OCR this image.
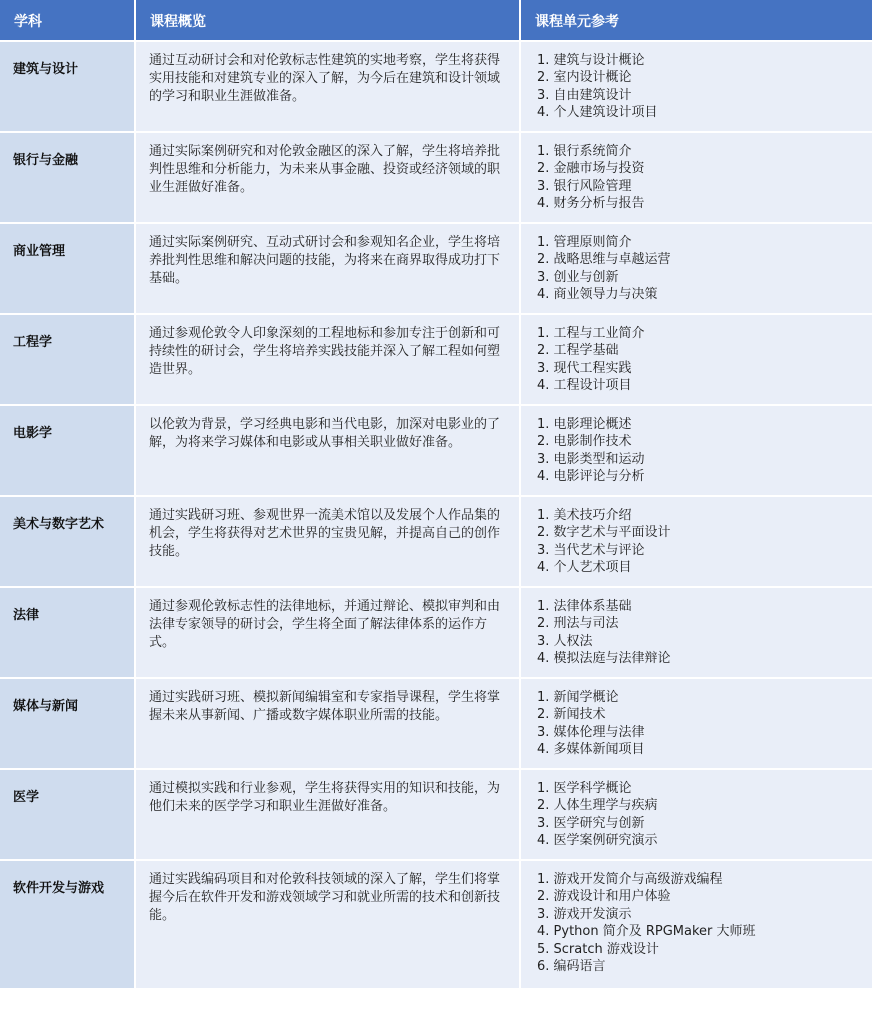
学科	课程概览	课程单元参考
建筑与设计
通过互动研讨会和对伦敦标志性建筑的实地考察，学生将获得实用技能和对建筑专业的深入了解，为今后在建筑和设计领域的学习和职业生涯做准备。
1. 建筑与设计概论
2. 室内设计概论
3. 自由建筑设计
4. 个人建筑设计项目
银行与金融
通过实际案例研究和对伦敦金融区的深入了解，学生将培养批判性思维和分析能力，为未来从事金融、投资或经济领域的职业生涯做好准备。
1. 银行系统简介
2. 金融市场与投资
3. 银行风险管理
4. 财务分析与报告
商业管理
通过实际案例研究、互动式研讨会和参观知名企业，学生将培养批判性思维和解决问题的技能，为将来在商界取得成功打下基础。
1. 管理原则简介
2. 战略思维与卓越运营
3. 创业与创新
4. 商业领导力与决策
工程学
通过参观伦敦令人印象深刻的工程地标和参加专注于创新和可持续性的研讨会，学生将培养实践技能并深入了解工程如何塑造世界。
1. 工程与工业简介
2. 工程学基础
3. 现代工程实践
4. 工程设计项目
电影学
以伦敦为背景，学习经典电影和当代电影，加深对电影业的了解，为将来学习媒体和电影或从事相关职业做好准备。
1. 电影理论概述
2. 电影制作技术
3. 电影类型和运动
4. 电影评论与分析
美术与数字艺术
通过实践研习班、参观世界一流美术馆以及发展个人作品集的机会，学生将获得对艺术世界的宝贵见解，并提高自己的创作技能。
1. 美术技巧介绍
2. 数字艺术与平面设计
3. 当代艺术与评论
4. 个人艺术项目
法律
通过参观伦敦标志性的法律地标，并通过辩论、模拟审判和由法律专家领导的研讨会，学生将全面了解法律体系的运作方式。
1. 法律体系基础
2. 刑法与司法
3. 人权法
4. 模拟法庭与法律辩论
媒体与新闻
通过实践研习班、模拟新闻编辑室和专家指导课程，学生将掌握未来从事新闻、广播或数字媒体职业所需的技能。
1. 新闻学概论
2. 新闻技术
3. 媒体伦理与法律
4. 多媒体新闻项目
医学
通过模拟实践和行业参观，学生将获得实用的知识和技能，为他们未来的医学学习和职业生涯做好准备。
1. 医学科学概论
2. 人体生理学与疾病
3. 医学研究与创新
4. 医学案例研究演示
软件开发与游戏
通过实践编码项目和对伦敦科技领域的深入了解，学生们将掌握今后在软件开发和游戏领域学习和就业所需的技术和创新技能。
1. 游戏开发简介与高级游戏编程
2. 游戏设计和用户体验
3. 游戏开发演示
4. Python 简介及 RPGMaker 大师班
5. Scratch 游戏设计
6. 编码语言
